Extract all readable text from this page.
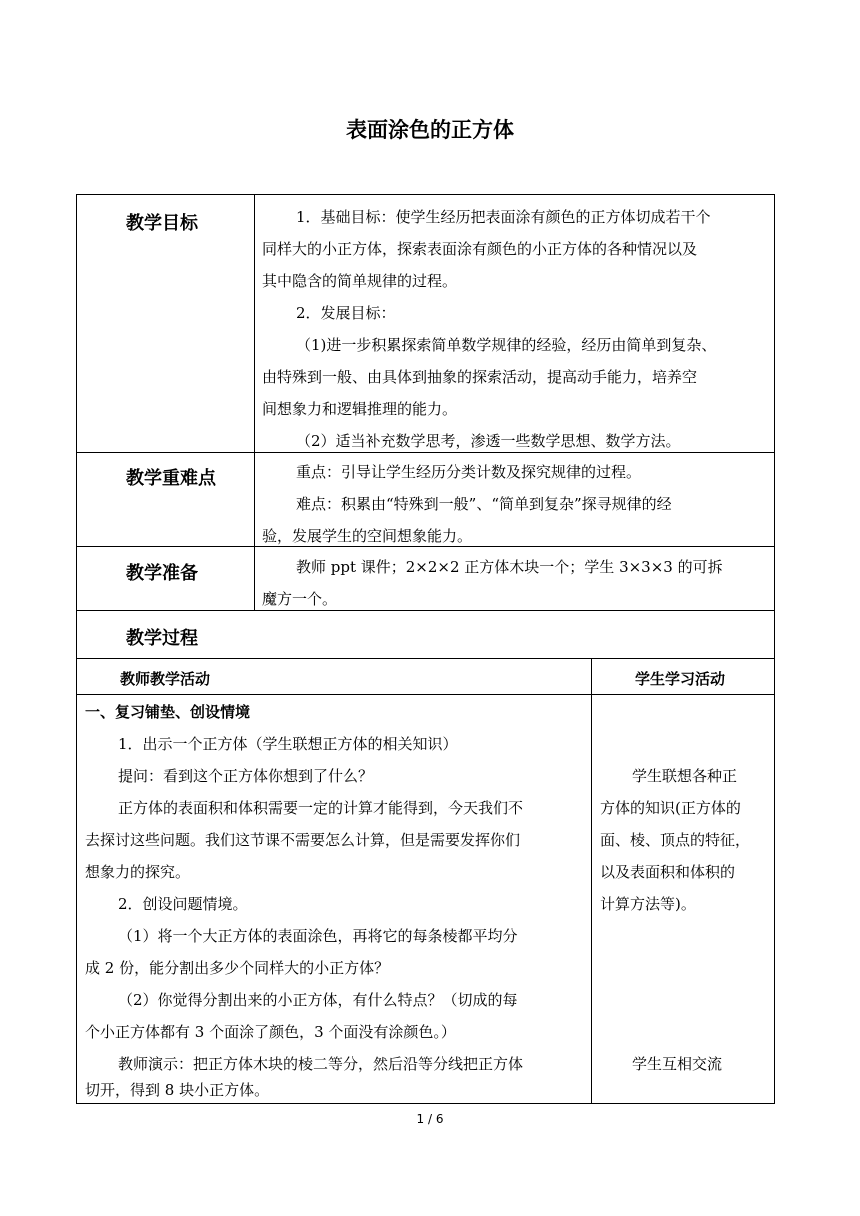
表面涂色的正方体
教学目标
教学重难点
教学准备
教学过程
教师教学活动	学生学习活动
1．基础目标：使学生经历把表面涂有颜色的正方体切成若干个
同样大的小正方体，探索表面涂有颜色的小正方体的各种情况以及
其中隐含的简单规律的过程。
2．发展目标：
（1)进一步积累探索简单数学规律的经验，经历由简单到复杂、
由特殊到一般、由具体到抽象的探索活动，提高动手能力，培养空
间想象力和逻辑推理的能力。
（2）适当补充数学思考，渗透一些数学思想、数学方法。
重点：引导让学生经历分类计数及探究规律的过程。
难点：积累由“特殊到一般”、“简单到复杂”探寻规律的经
验，发展学生的空间想象能力。
教师 ppt 课件；2×2×2 正方体木块一个；学生 3×3×3 的可拆
魔方一个。
一、复习铺垫、创设情境
1．出示一个正方体（学生联想正方体的相关知识）
提问：看到这个正方体你想到了什么？
正方体的表面积和体积需要一定的计算才能得到，今天我们不
去探讨这些问题。我们这节课不需要怎么计算，但是需要发挥你们
想象力的探究。
2．创设问题情境。
（1）将一个大正方体的表面涂色，再将它的每条棱都平均分
成 2 份，能分割出多少个同样大的小正方体？
（2）你觉得分割出来的小正方体，有什么特点？（切成的每
个小正方体都有 3 个面涂了颜色，3 个面没有涂颜色。）
教师演示：把正方体木块的棱二等分，然后沿等分线把正方体
切开，得到 8 块小正方体。
学生联想各种正
方体的知识(正方体的
面、棱、顶点的特征，
以及表面积和体积的
计算方法等)。
学生互相交流
1 / 6
